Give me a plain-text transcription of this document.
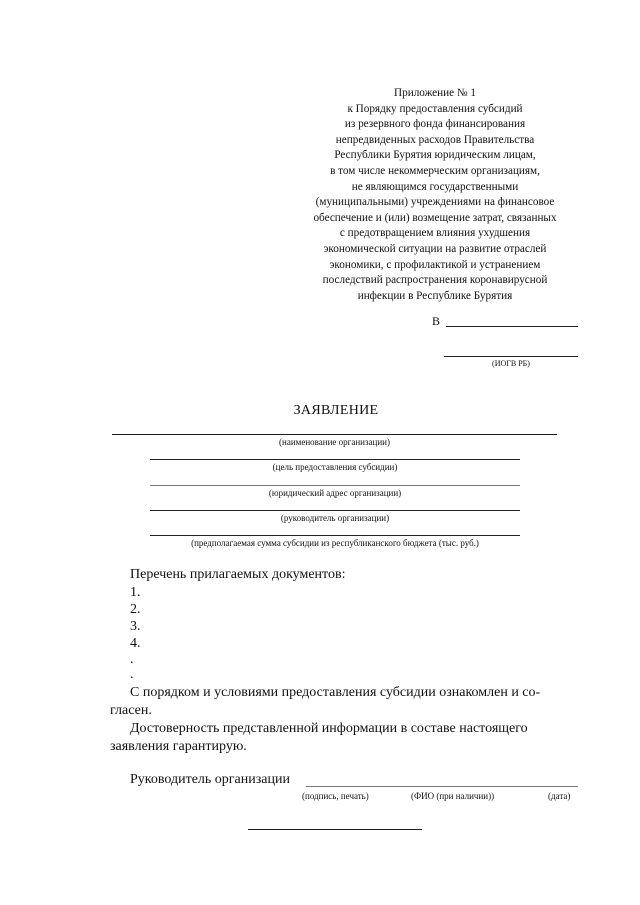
Приложение № 1
к Порядку предоставления субсидий
из резервного фонда финансирования
непредвиденных расходов Правительства
Республики Бурятия юридическим лицам,
в том числе некоммерческим организациям,
не являющимся государственными
(муниципальными) учреждениями на финансовое
обеспечение и (или) возмещение затрат, связанных
с предотвращением влияния ухудшения
экономической ситуации на развитие отраслей
экономики, с профилактикой и устранением
последствий распространения коронавирусной
инфекции в Республике Бурятия
В
(ИОГВ РБ)
ЗАЯВЛЕНИЕ
(наименование организации)
(цель предоставления субсидии)
(юридический адрес организации)
(руководитель организации)
(предполагаемая сумма субсидии из республиканского бюджета (тыс. руб.)
Перечень прилагаемых документов:
1.
2.
3.
4.
.
.
С порядком и условиями предоставления субсидии ознакомлен и со-
гласен.
Достоверность представленной информации в составе настоящего
заявления гарантирую.
Руководитель организации
(подпись, печать)	(ФИО (при наличии))	(дата)
